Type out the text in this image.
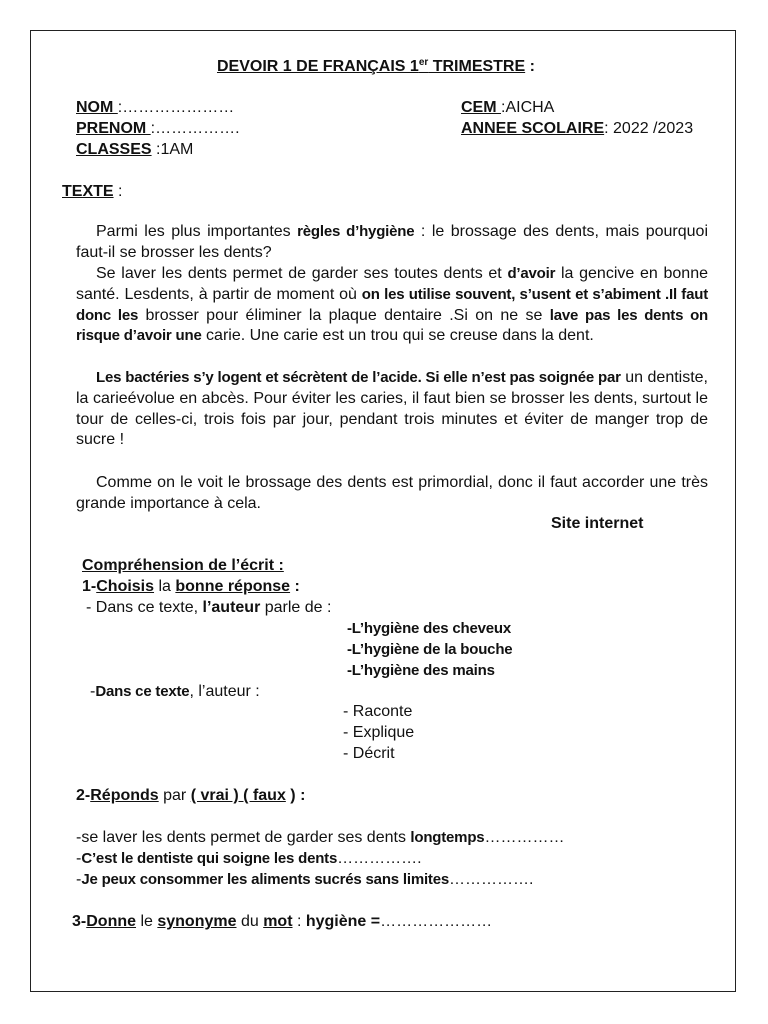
DEVOIR 1 DE FRANÇAIS 1er TRIMESTRE :
NOM :…………………
PRENOM :…………….
CLASSES :1AM
CEM :AICHA
ANNEE SCOLAIRE: 2022 /2023
TEXTE :
Parmi les plus importantes règles d’hygiène : le brossage des dents, mais pourquoi faut-il se brosser les dents?
Se laver les dents permet de garder ses toutes dents et d’avoir la gencive en bonne santé. Lesdents, à partir de moment où on les utilise souvent, s’usent et s’abiment .Il faut donc les brosser pour éliminer la plaque dentaire .Si on ne se lave pas les dents on risque d’avoir une carie. Une carie est un trou qui se creuse dans la dent.
Les bactéries s’y logent et sécrètent de l’acide. Si elle n’est pas soignée par un dentiste, la carieévolue en abcès. Pour éviter les caries, il faut bien se brosser les dents, surtout le tour de celles-ci, trois fois par jour, pendant trois minutes et éviter de manger trop de sucre !
Comme on le voit le brossage des dents est primordial, donc il faut accorder une très grande importance à cela.
Site internet
Compréhension de l’écrit :
1-Choisis la bonne réponse :
- Dans ce texte, l’auteur parle de :
-L’hygiène des cheveux
-L’hygiène de la bouche
-L’hygiène des mains
-Dans ce texte, l’auteur :
- Raconte
- Explique
- Décrit
2-Réponds par ( vrai ) ( faux ) :
-se laver les dents permet de garder ses dents longtemps……………
-C’est le dentiste qui soigne les dents…………….
-Je peux consommer les aliments sucrés sans limites…………….
3-Donne le synonyme du mot : hygiène =…………………
